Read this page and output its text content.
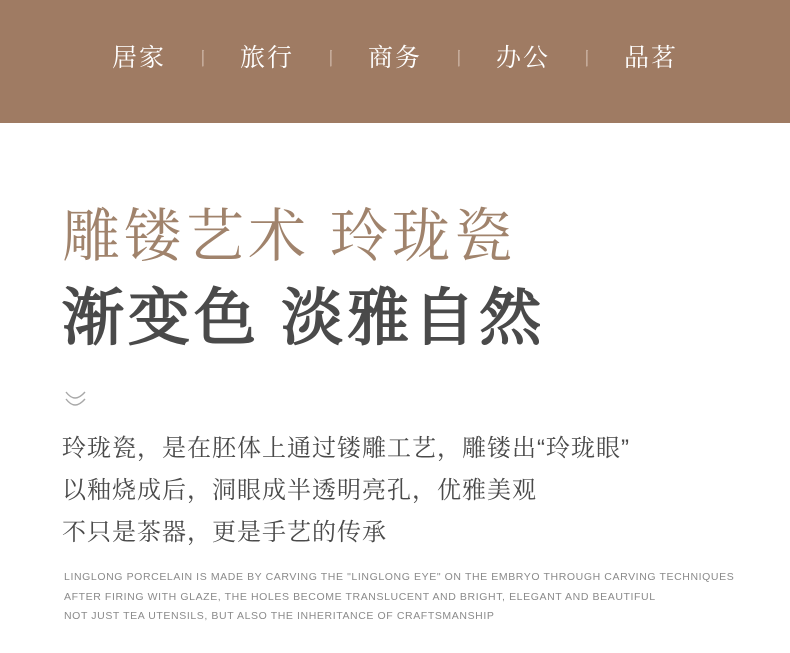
居家	丨	旅行	丨	商务	丨	办公	丨	品茗
雕镂艺术 玲珑瓷
渐变色 淡雅自然
玲珑瓷，是在胚体上通过镂雕工艺，雕镂出“玲珑眼”
以釉烧成后，洞眼成半透明亮孔，优雅美观
不只是茶器，更是手艺的传承
LINGLONG PORCELAIN IS MADE BY CARVING THE "LINGLONG EYE" ON THE EMBRYO THROUGH CARVING TECHNIQUES
AFTER FIRING WITH GLAZE, THE HOLES BECOME TRANSLUCENT AND BRIGHT, ELEGANT AND BEAUTIFUL
NOT JUST TEA UTENSILS, BUT ALSO THE INHERITANCE OF CRAFTSMANSHIP
